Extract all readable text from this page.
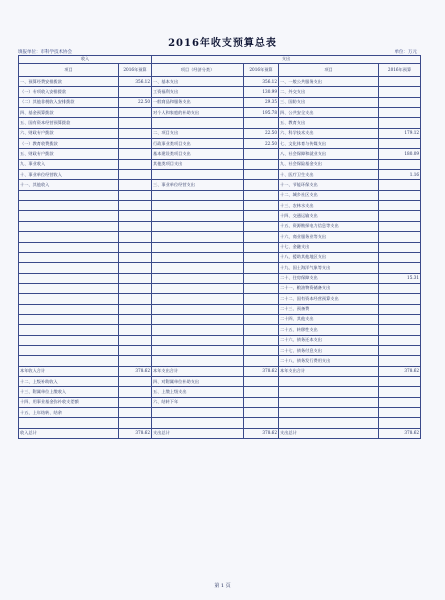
2016年收支预算总表
填报单位：市科学技术协会	单位：万元
收入		支出			
项目	2016年预算	项目（经济分类）	2016年预算	项目	2016年预算
一、预算经费安排拨款	356.12	一、基本支出	356.12	一、一般公共服务支出	
（一）专项收入安排拨款		工资福利支出	130.99	二、外交支出	
（二）其他非税收入安排拨款	22.50	一般商品和服务支出	29.35	三、国防支出	
四、基金预算拨款		对个人和家庭的补助支出	195.78	四、公共安全支出	
五、国有资本经营预算拨款				五、教育支出	
六、财政专户拨款		二、项目支出	22.50	六、科学技术支出	179.12
（一）教育收费拨款		行政事业类项目支出	22.50	七、文化体育与传媒支出	
五、财政专户拨款		基本建设类项目支出		八、社会保障和就业支出	180.09
九、事业收入		其他类项目支出		九、社会保险基金支出	
十、事业单位经营收入				十、医疗卫生支出	1.16
十一、其他收入		三、事业单位经营支出		十一、节能环保支出	
				十二、城乡社区支出	
				十三、农林水支出	
				十四、交通运输支出	
				十五、资源勘探电力信息等支出	
				十六、商业服务业等支出	
				十七、金融支出	
				十八、援助其他地区支出	
				十九、国土海洋气象等支出	
				二十、住房保障支出	15.31
				二十一、粮油物资储备支出	
				二十二、国有资本经营预算支出	
				二十三、预备费	
				二十四、其他支出	
				二十五、转移性支出	
				二十六、债务还本支出	
				二十七、债务付息支出	
				二十八、债务发行费用支出	
本年收入合计	378.62	本年支出合计	378.62	本年支出合计	378.62
十二、上级补助收入		四、对附属单位补助支出			
十三、附属单位上缴收入		五、上缴上级支出			
十四、用事业基金弥补收支差额		六、结转下年			
十五、上年结转、结余					

收入总计	378.62	支出总计	378.62	支出总计	378.62
第 1 页
